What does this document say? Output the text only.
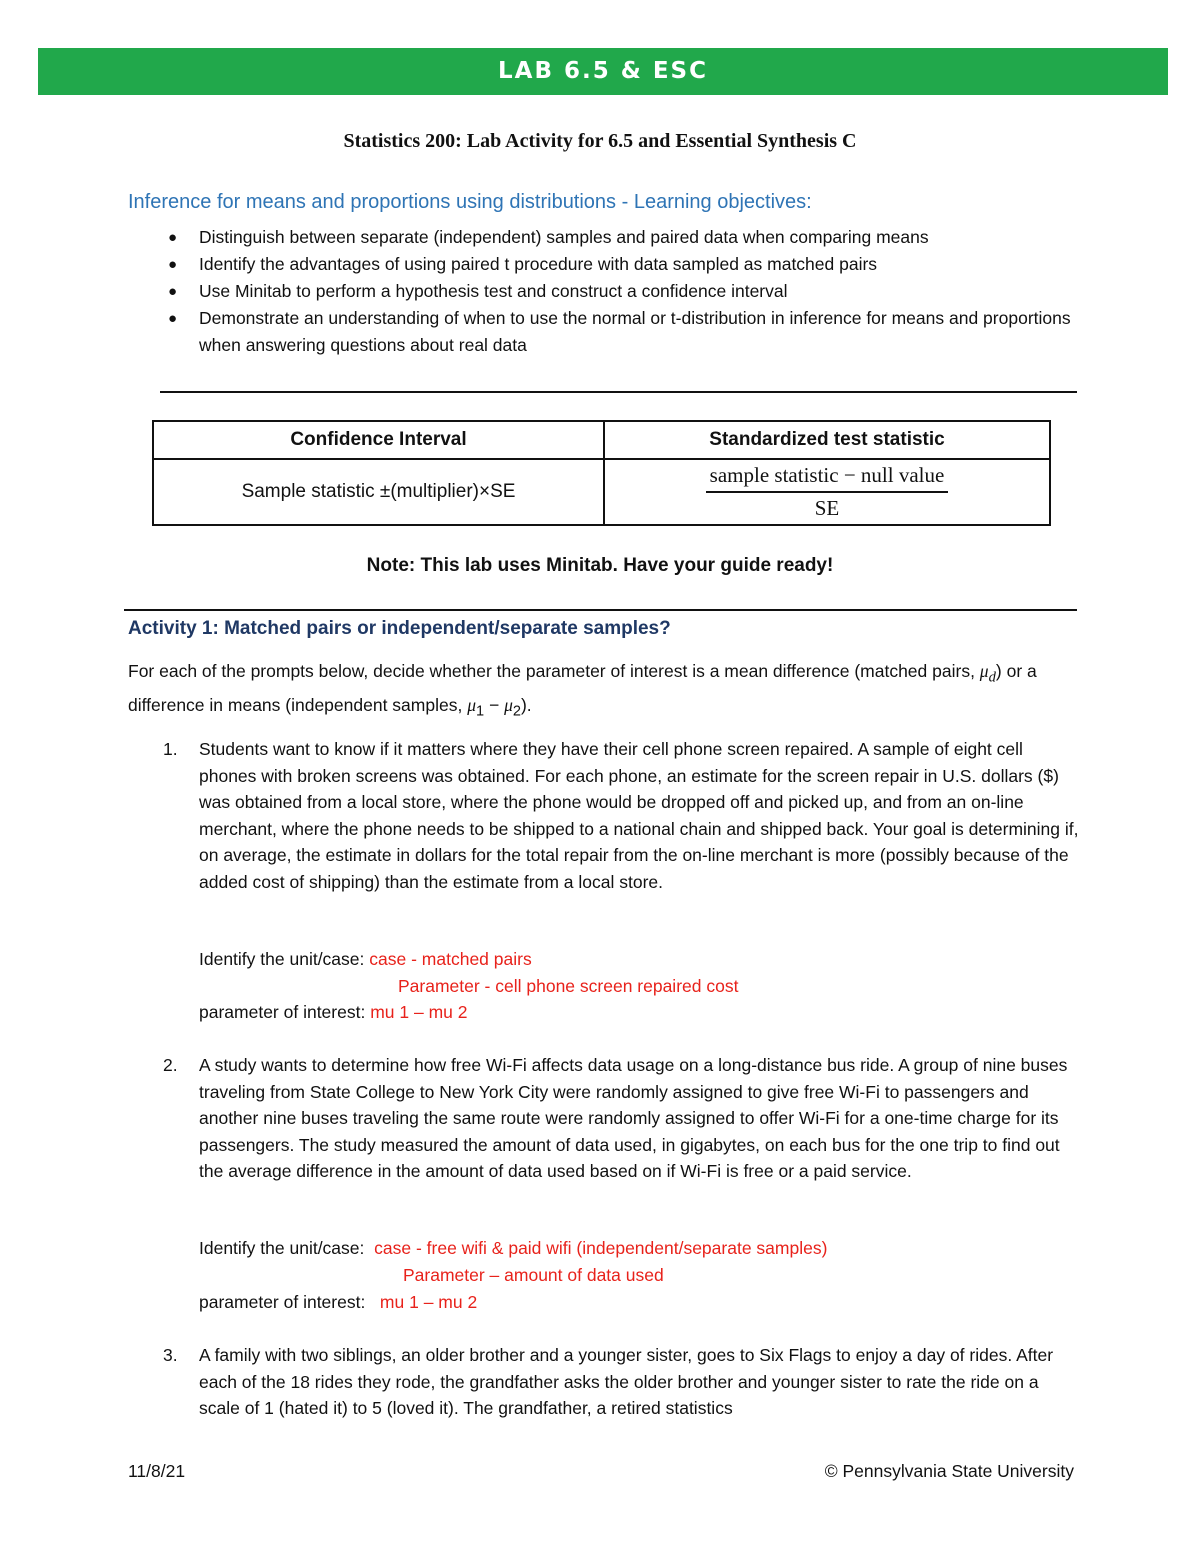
LAB 6.5 & ESC
Statistics 200: Lab Activity for 6.5 and Essential Synthesis C
Inference for means and proportions using distributions - Learning objectives:
● Distinguish between separate (independent) samples and paired data when comparing means
● Identify the advantages of using paired t procedure with data sampled as matched pairs
● Use Minitab to perform a hypothesis test and construct a confidence interval
● Demonstrate an understanding of when to use the normal or t-distribution in inference for means and proportions when answering questions about real data
Confidence Interval	Standardized test statistic
Sample statistic ±(multiplier)×SE	$\frac{\text{sample statistic − null value}}{SE}$
Note: This lab uses Minitab. Have your guide ready!
Activity 1: Matched pairs or independent/separate samples?

For each of the prompts below, decide whether the parameter of interest is a mean difference (matched pairs, $\mu_d$) or a difference in means (independent samples, $\mu_1 - \mu_2$).

1. Students want to know if it matters where they have their cell phone screen repaired. A sample of eight cell phones with broken screens was obtained. For each phone, an estimate for the screen repair in U.S. dollars ($) was obtained from a local store, where the phone would be dropped off and picked up, and from an on-line merchant, where the phone needs to be shipped to a national chain and shipped back. Your goal is determining if, on average, the estimate in dollars for the total repair from the on-line merchant is more (possibly because of the added cost of shipping) than the estimate from a local store.
Identify the unit/case: case - matched pairs
Parameter - cell phone screen repaired cost
parameter of interest: mu 1 – mu 2
2. A study wants to determine how free Wi-Fi affects data usage on a long-distance bus ride. A group of nine buses traveling from State College to New York City were randomly assigned to give free Wi-Fi to passengers and another nine buses traveling the same route were randomly assigned to offer Wi-Fi for a one-time charge for its passengers. The study measured the amount of data used, in gigabytes, on each bus for the one trip to find out the average difference in the amount of data used based on if Wi-Fi is free or a paid service.
Identify the unit/case: case - free wifi & paid wifi (independent/separate samples)
Parameter – amount of data used
parameter of interest: mu 1 – mu 2
3. A family with two siblings, an older brother and a younger sister, goes to Six Flags to enjoy a day of rides. After each of the 18 rides they rode, the grandfather asks the older brother and younger sister to rate the ride on a scale of 1 (hated it) to 5 (loved it). The grandfather, a retired statistics
11/8/21	© Pennsylvania State University
